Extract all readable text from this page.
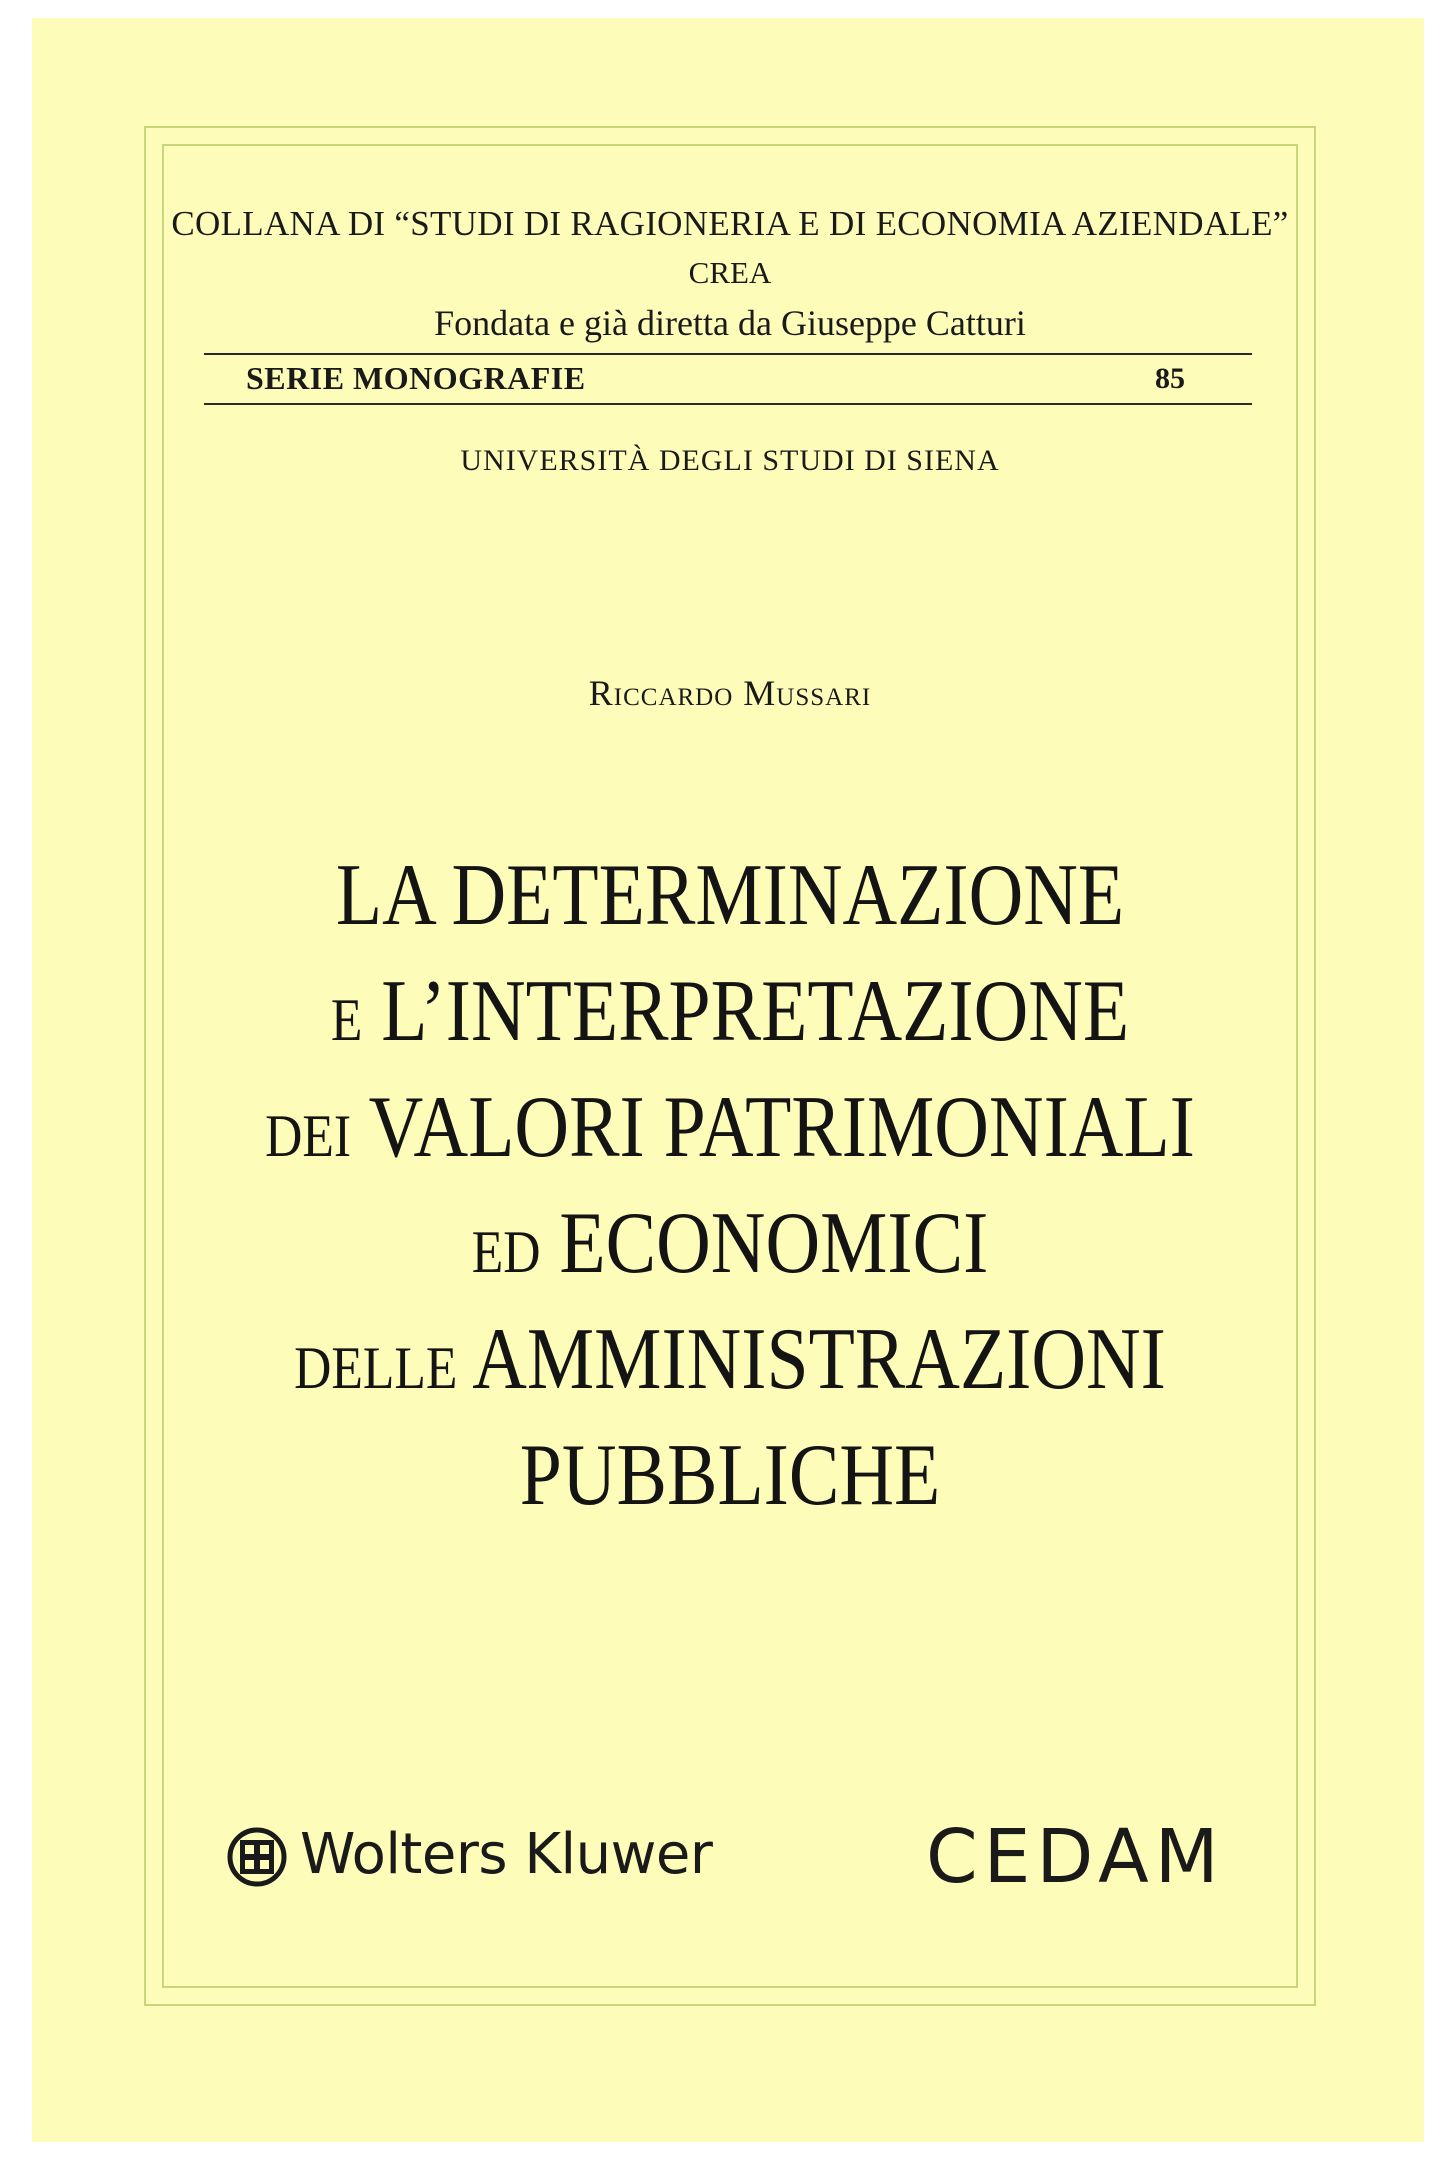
COLLANA DI “STUDI DI RAGIONERIA E DI ECONOMIA AZIENDALE”
CREA
Fondata e già diretta da Giuseppe Catturi
SERIE MONOGRAFIE	85
UNIVERSITÀ DEGLI STUDI DI SIENA
Riccardo Mussari
LA DETERMINAZIONE
E L’INTERPRETAZIONE
DEI VALORI PATRIMONIALI
ED ECONOMICI
DELLE AMMINISTRAZIONI
PUBBLICHE
Wolters Kluwer	CEDAM
